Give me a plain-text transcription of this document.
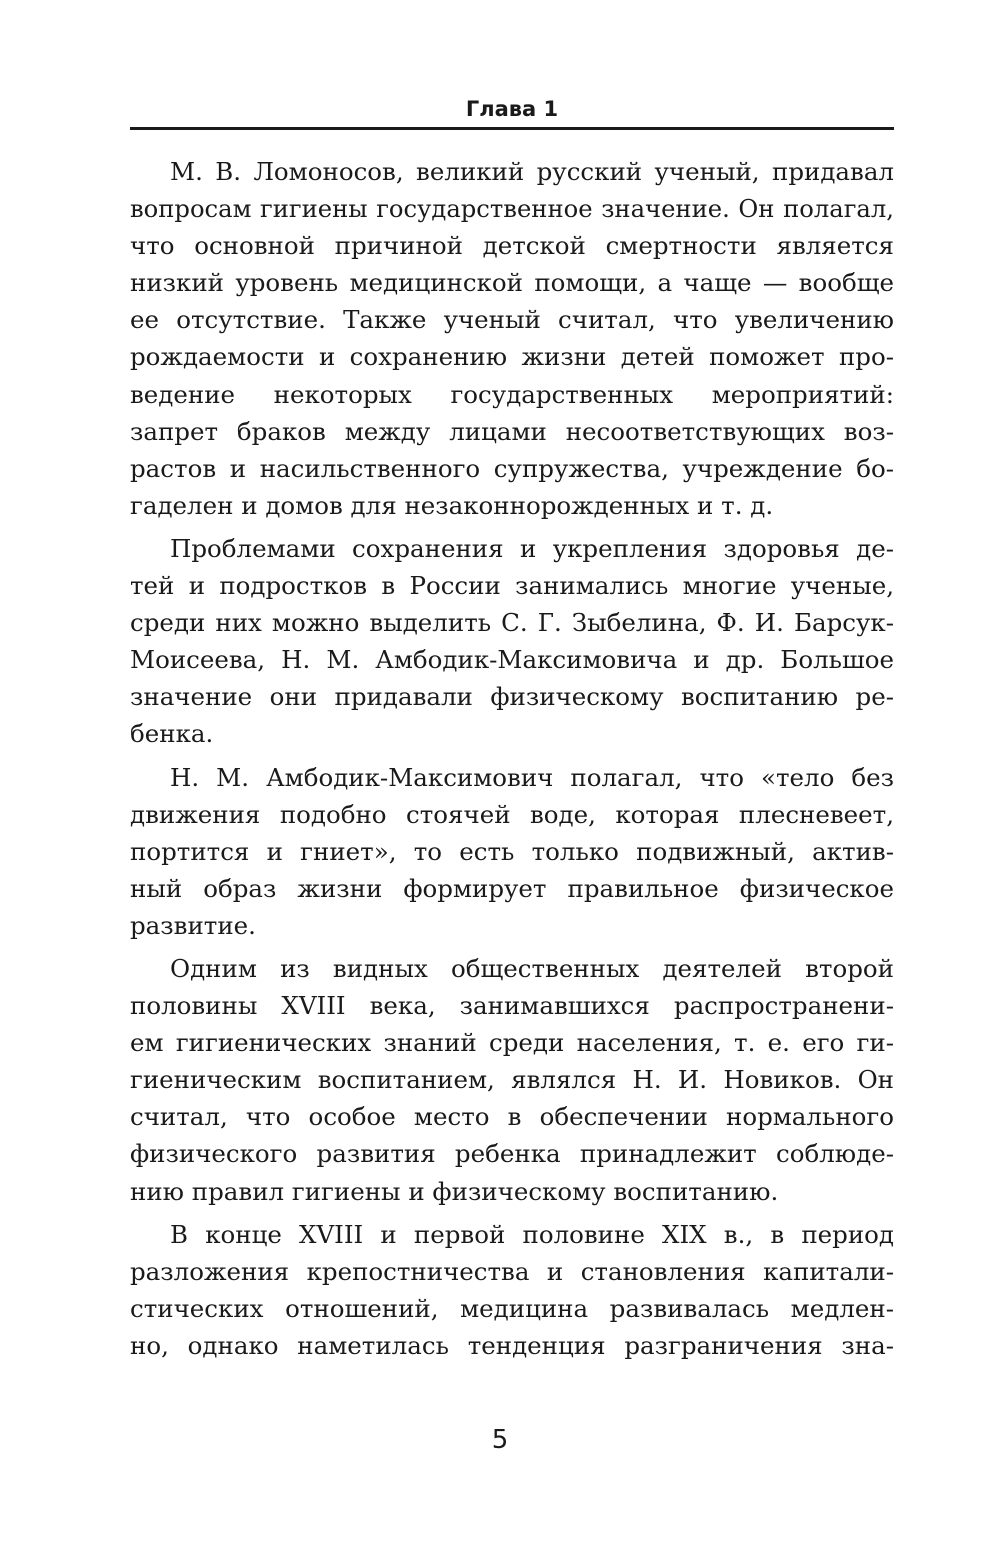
Глава 1

М. В. Ломоносов, великий русский ученый, придавал
вопросам гигиены государственное значение. Он полагал,
что основной причиной детской смертности является
низкий уровень медицинской помощи, а чаще — вообще
ее отсутствие. Также ученый считал, что увеличению
рождаемости и сохранению жизни детей поможет про-
ведение некоторых государственных мероприятий:
запрет браков между лицами несоответствующих воз-
растов и насильственного супружества, учреждение бо-
гаделен и домов для незаконнорожденных и т. д.

Проблемами сохранения и укрепления здоровья де-
тей и подростков в России занимались многие ученые,
среди них можно выделить С. Г. Зыбелина, Ф. И. Барсук-
Моисеева, Н. М. Амбодик-Максимовича и др. Большое
значение они придавали физическому воспитанию ре-
бенка.

Н. М. Амбодик-Максимович полагал, что «тело без
движения подобно стоячей воде, которая плесневеет,
портится и гниет», то есть только подвижный, актив-
ный образ жизни формирует правильное физическое
развитие.

Одним из видных общественных деятелей второй
половины XVIII века, занимавшихся распространени-
ем гигиенических знаний среди населения, т. е. его ги-
гиеническим воспитанием, являлся Н. И. Новиков. Он
считал, что особое место в обеспечении нормального
физического развития ребенка принадлежит соблюде-
нию правил гигиены и физическому воспитанию.

В конце XVIII и первой половине XIX в., в период
разложения крепостничества и становления капитали-
стических отношений, медицина развивалась медлен-
но, однако наметилась тенденция разграничения зна-

5
